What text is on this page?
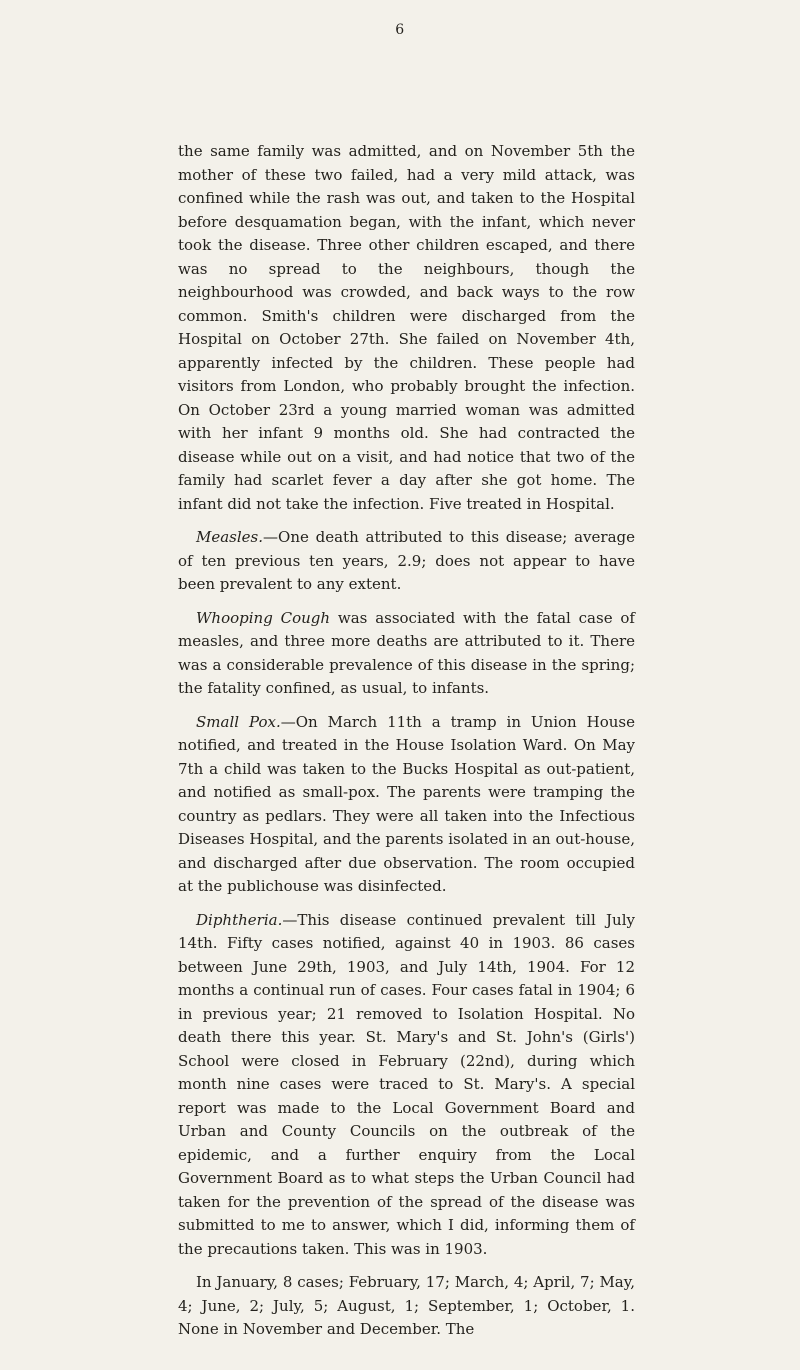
6

the same family was admitted, and on November 5th the mother of these two failed, had a very mild attack, was confined while the rash was out, and taken to the Hospital before desquamation began, with the infant, which never took the disease. Three other children escaped, and there was no spread to the neighbours, though the neighbourhood was crowded, and back ways to the row common. Smith's children were discharged from the Hospital on October 27th. She failed on November 4th, apparently infected by the children. These people had visitors from London, who probably brought the infection. On October 23rd a young married woman was admitted with her infant 9 months old. She had contracted the disease while out on a visit, and had notice that two of the family had scarlet fever a day after she got home. The infant did not take the infection. Five treated in Hospital.

Measles.—One death attributed to this disease; average of ten previous ten years, 2.9; does not appear to have been prevalent to any extent.

Whooping Cough was associated with the fatal case of measles, and three more deaths are attributed to it. There was a considerable prevalence of this disease in the spring; the fatality confined, as usual, to infants.

Small Pox.—On March 11th a tramp in Union House notified, and treated in the House Isolation Ward. On May 7th a child was taken to the Bucks Hospital as out-patient, and notified as small-pox. The parents were tramping the country as pedlars. They were all taken into the Infectious Diseases Hospital, and the parents isolated in an out-house, and discharged after due observation. The room occupied at the publichouse was disinfected.

Diphtheria.—This disease continued prevalent till July 14th. Fifty cases notified, against 40 in 1903. 86 cases between June 29th, 1903, and July 14th, 1904. For 12 months a continual run of cases. Four cases fatal in 1904; 6 in previous year; 21 removed to Isolation Hospital. No death there this year. St. Mary's and St. John's (Girls') School were closed in February (22nd), during which month nine cases were traced to St. Mary's. A special report was made to the Local Government Board and Urban and County Councils on the outbreak of the epidemic, and a further enquiry from the Local Government Board as to what steps the Urban Council had taken for the prevention of the spread of the disease was submitted to me to answer, which I did, informing them of the precautions taken. This was in 1903.

In January, 8 cases; February, 17; March, 4; April, 7; May, 4; June, 2; July, 5; August, 1; September, 1; October, 1. None in November and December. The
